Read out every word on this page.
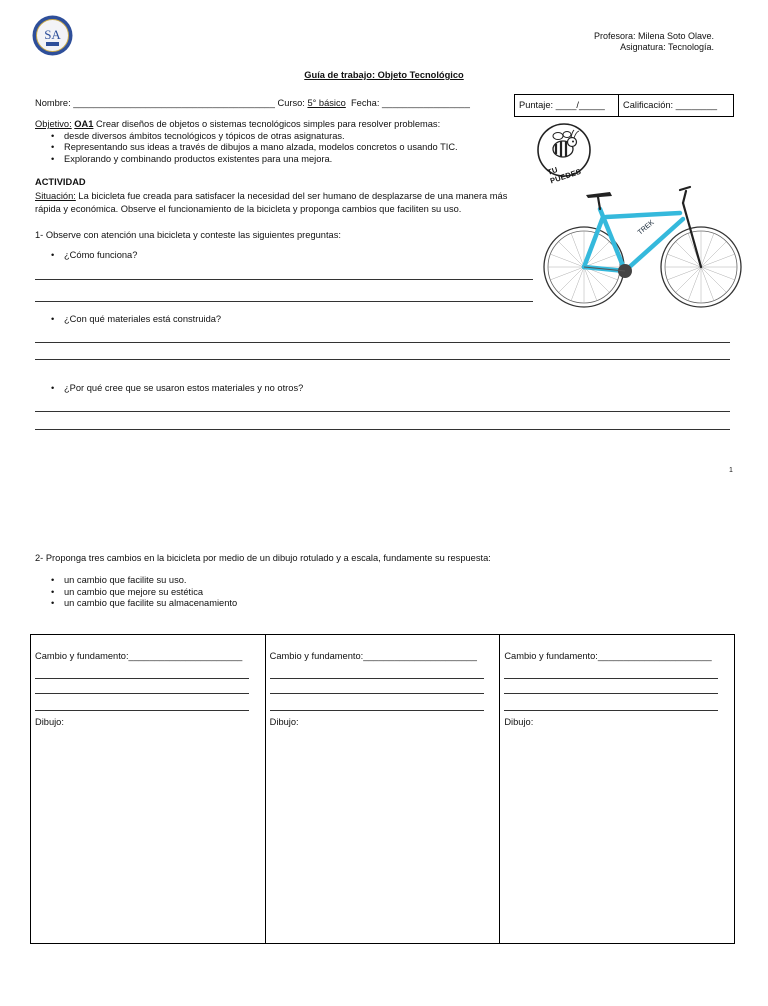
SA	Profesora: Milena Soto Olave.
Asignatura: Tecnología.
Guía de trabajo: Objeto Tecnológico
Nombre: _______________________________________ Curso: 5° básico  Fecha: _________________	Puntaje: ____/_____	Calificación: ________
Objetivo: OA1 Crear diseños de objetos o sistemas tecnológicos simples para resolver problemas:
• desde diversos ámbitos tecnológicos y tópicos de otras asignaturas.
• Representando sus ideas a través de dibujos a mano alzada, modelos concretos o usando TIC.
• Explorando y combinando productos existentes para una mejora.
TU PUEDES
ACTIVIDAD
Situación: La bicicleta fue creada para satisfacer la necesidad del ser humano de desplazarse de una manera más rápida y económica. Observe el funcionamiento de la bicicleta y proponga cambios que faciliten su uso.
TREK
1- Observe con atención una bicicleta y conteste las siguientes preguntas:
• ¿Cómo funciona?
• ¿Con qué materiales está construida?
• ¿Por qué cree que se usaron estos materiales y no otros?
1
2- Proponga tres cambios en la bicicleta por medio de un dibujo rotulado y a escala, fundamente su respuesta:
• un cambio que facilite su uso.
• un cambio que mejore su estética
• un cambio que facilite su almacenamiento
Cambio y fundamento:______________________
Dibujo:
Cambio y fundamento:______________________
Dibujo:
Cambio y fundamento:______________________
Dibujo:
